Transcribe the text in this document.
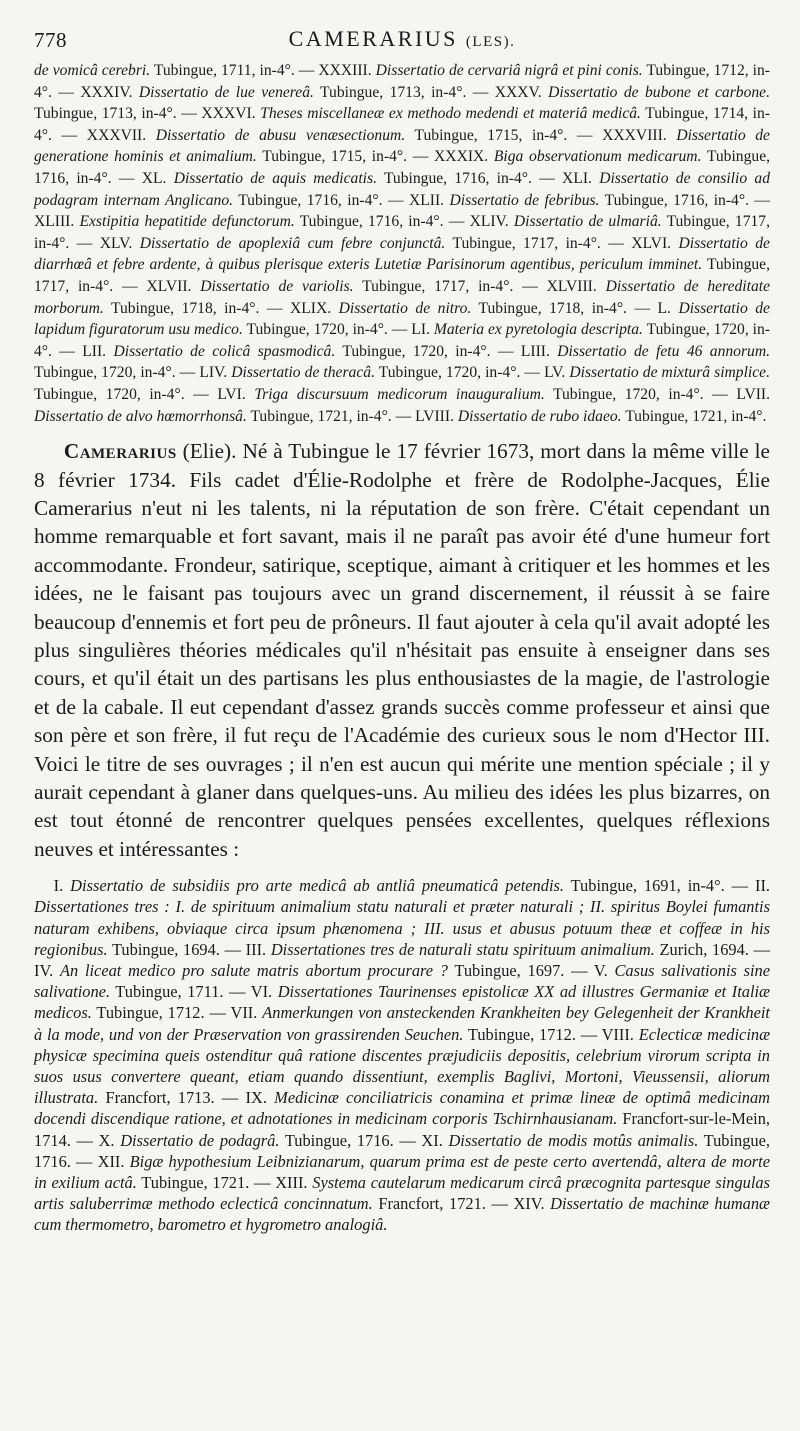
778	CAMERARIUS (LES).
de vomicâ cerebri. Tubingue, 1711, in-4°. — XXXIII. Dissertatio de cervariâ nigrâ et pini conis. Tubingue, 1712, in-4°. — XXXIV. Dissertatio de lue venereâ. Tubingue, 1713, in-4°. — XXXV. Dissertatio de bubone et carbone. Tubingue, 1713, in-4°. — XXXVI. Theses miscellaneæ ex methodo medendi et materiâ medicâ. Tubingue, 1714, in-4°. — XXXVII. Dissertatio de abusu venæsectionum. Tubingue, 1715, in-4°. — XXXVIII. Dissertatio de generatione hominis et animalium. Tubingue, 1715, in-4°. — XXXIX. Biga observationum medicarum. Tubingue, 1716, in-4°. — XL. Dissertatio de aquis medicatis. Tubingue, 1716, in-4°. — XLI. Dissertatio de consilio ad podagram internam Anglicano. Tubingue, 1716, in-4°. — XLII. Dissertatio de febribus. Tubingue, 1716, in-4°. — XLIII. Exstipitia hepatitide defunctorum. Tubingue, 1716, in-4°. — XLIV. Dissertatio de ulmariâ. Tubingue, 1717, in-4°. — XLV. Dissertatio de apoplexiâ cum febre conjunctâ. Tubingue, 1717, in-4°. — XLVI. Dissertatio de diarrhœâ et febre ardente, à quibus plerisque exteris Lutetiæ Parisinorum agentibus, periculum imminet. Tubingue, 1717, in-4°. — XLVII. Dissertatio de variolis. Tubingue, 1717, in-4°. — XLVIII. Dissertatio de hereditate morborum. Tubingue, 1718, in-4°. — XLIX. Dissertatio de nitro. Tubingue, 1718, in-4°. — L. Dissertatio de lapidum figuratorum usu medico. Tubingue, 1720, in-4°. — LI. Materia ex pyretologia descripta. Tubingue, 1720, in-4°. — LII. Dissertatio de colicâ spasmodicâ. Tubingue, 1720, in-4°. — LIII. Dissertatio de fetu 46 annorum. Tubingue, 1720, in-4°. — LIV. Dissertatio de theracâ. Tubingue, 1720, in-4°. — LV. Dissertatio de mixturâ simplice. Tubingue, 1720, in-4°. — LVI. Triga discursuum medicorum inauguralium. Tubingue, 1720, in-4°. — LVII. Dissertatio de alvo hœmorrhonsâ. Tubingue, 1721, in-4°. — LVIII. Dissertatio de rubo idaeo. Tubingue, 1721, in-4°.

Camerarius (Elie). Né à Tubingue le 17 février 1673, mort dans la même ville le 8 février 1734. Fils cadet d'Élie-Rodolphe et frère de Rodolphe-Jacques, Élie Camerarius n'eut ni les talents, ni la réputation de son frère. C'était cependant un homme remarquable et fort savant, mais il ne paraît pas avoir été d'une humeur fort accommodante. Frondeur, satirique, sceptique, aimant à critiquer et les hommes et les idées, ne le faisant pas toujours avec un grand discernement, il réussit à se faire beaucoup d'ennemis et fort peu de prôneurs. Il faut ajouter à cela qu'il avait adopté les plus singulières théories médicales qu'il n'hésitait pas ensuite à enseigner dans ses cours, et qu'il était un des partisans les plus enthousiastes de la magie, de l'astrologie et de la cabale. Il eut cependant d'assez grands succès comme professeur et ainsi que son père et son frère, il fut reçu de l'Académie des curieux sous le nom d'Hector III. Voici le titre de ses ouvrages ; il n'en est aucun qui mérite une mention spéciale ; il y aurait cependant à glaner dans quelques-uns. Au milieu des idées les plus bizarres, on est tout étonné de rencontrer quelques pensées excellentes, quelques réflexions neuves et intéressantes :

I. Dissertatio de subsidiis pro arte medicâ ab antliâ pneumaticâ petendis. Tubingue, 1691, in-4°. — II. Dissertationes tres : I. de spirituum animalium statu naturali et præter naturali ; II. spiritus Boylei fumantis naturam exhibens, obviaque circa ipsum phænomena ; III. usus et abusus potuum theæ et coffeæ in his regionibus. Tubingue, 1694. — III. Dissertationes tres de naturali statu spirituum animalium. Zurich, 1694. — IV. An liceat medico pro salute matris abortum procurare ? Tubingue, 1697. — V. Casus salivationis sine salivatione. Tubingue, 1711. — VI. Dissertationes Taurinenses epistolicæ XX ad illustres Germaniæ et Italiæ medicos. Tubingue, 1712. — VII. Anmerkungen von ansteckenden Krankheiten bey Gelegenheit der Krankheit à la mode, und von der Præservation von grassirenden Seuchen. Tubingue, 1712. — VIII. Eclecticæ medicinæ physicæ specimina queis ostenditur quâ ratione discentes præjudiciis depositis, celebrium virorum scripta in suos usus convertere queant, etiam quando dissentiunt, exemplis Baglivi, Mortoni, Vieussensii, aliorum illustrata. Francfort, 1713. — IX. Medicinæ conciliatricis conamina et primæ lineæ de optimâ medicinam docendi discendique ratione, et adnotationes in medicinam corporis Tschirnhausianam. Francfort-sur-le-Mein, 1714. — X. Dissertatio de podagrâ. Tubingue, 1716. — XI. Dissertatio de modis motûs animalis. Tubingue, 1716. — XII. Bigæ hypothesium Leibnizianarum, quarum prima est de peste certo avertendâ, altera de morte in exilium actâ. Tubingue, 1721. — XIII. Systema cautelarum medicarum circâ præcognita partesque singulas artis saluberrimæ methodo eclecticâ concinnatum. Francfort, 1721. — XIV. Dissertatio de machinæ humanæ cum thermometro, barometro et hygrometro analogiâ.
